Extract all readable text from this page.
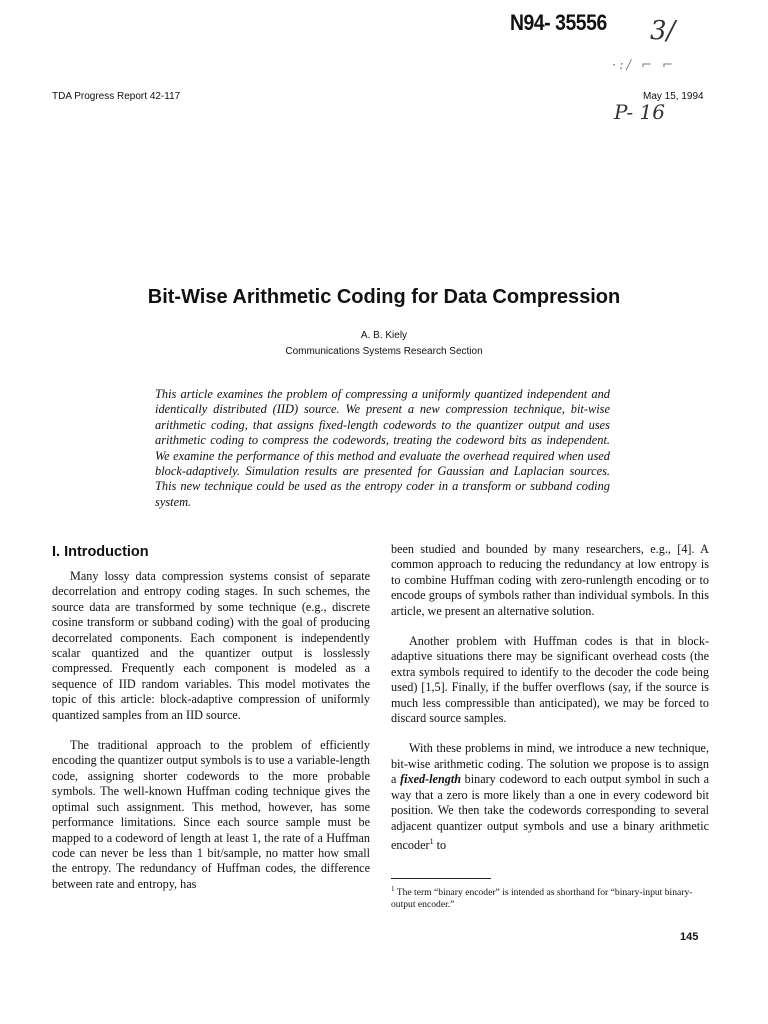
N94- 35556 3/
·:/ ⌐ ⌐
P- 16
TDA Progress Report 42-117	May 15, 1994
Bit-Wise Arithmetic Coding for Data Compression
A. B. Kiely
Communications Systems Research Section
This article examines the problem of compressing a uniformly quantized independent and identically distributed (IID) source. We present a new compression technique, bit-wise arithmetic coding, that assigns fixed-length codewords to the quantizer output and uses arithmetic coding to compress the codewords, treating the codeword bits as independent. We examine the performance of this method and evaluate the overhead required when used block-adaptively. Simulation results are presented for Gaussian and Laplacian sources. This new technique could be used as the entropy coder in a transform or subband coding system.
I. Introduction

Many lossy data compression systems consist of separate decorrelation and entropy coding stages. In such schemes, the source data are transformed by some technique (e.g., discrete cosine transform or subband coding) with the goal of producing decorrelated components. Each component is independently scalar quantized and the quantizer output is losslessly compressed. Frequently each component is modeled as a sequence of IID random variables. This model motivates the topic of this article: block-adaptive compression of uniformly quantized samples from an IID source.

The traditional approach to the problem of efficiently encoding the quantizer output symbols is to use a variable-length code, assigning shorter codewords to the more probable symbols. The well-known Huffman coding technique gives the optimal such assignment. This method, however, has some performance limitations. Since each source sample must be mapped to a codeword of length at least 1, the rate of a Huffman code can never be less than 1 bit/sample, no matter how small the entropy. The redundancy of Huffman codes, the difference between rate and entropy, has

been studied and bounded by many researchers, e.g., [4]. A common approach to reducing the redundancy at low entropy is to combine Huffman coding with zero-runlength encoding or to encode groups of symbols rather than individual symbols. In this article, we present an alternative solution.

Another problem with Huffman codes is that in block-adaptive situations there may be significant overhead costs (the extra symbols required to identify to the decoder the code being used) [1,5]. Finally, if the buffer overflows (say, if the source is much less compressible than anticipated), we may be forced to discard source samples.

With these problems in mind, we introduce a new technique, bit-wise arithmetic coding. The solution we propose is to assign a fixed-length binary codeword to each output symbol in such a way that a zero is more likely than a one in every codeword bit position. We then take the codewords corresponding to several adjacent quantizer output symbols and use a binary arithmetic encoder$^1$ to

$^1$ The term “binary encoder” is intended as shorthand for “binary-input binary-output encoder.”
145
